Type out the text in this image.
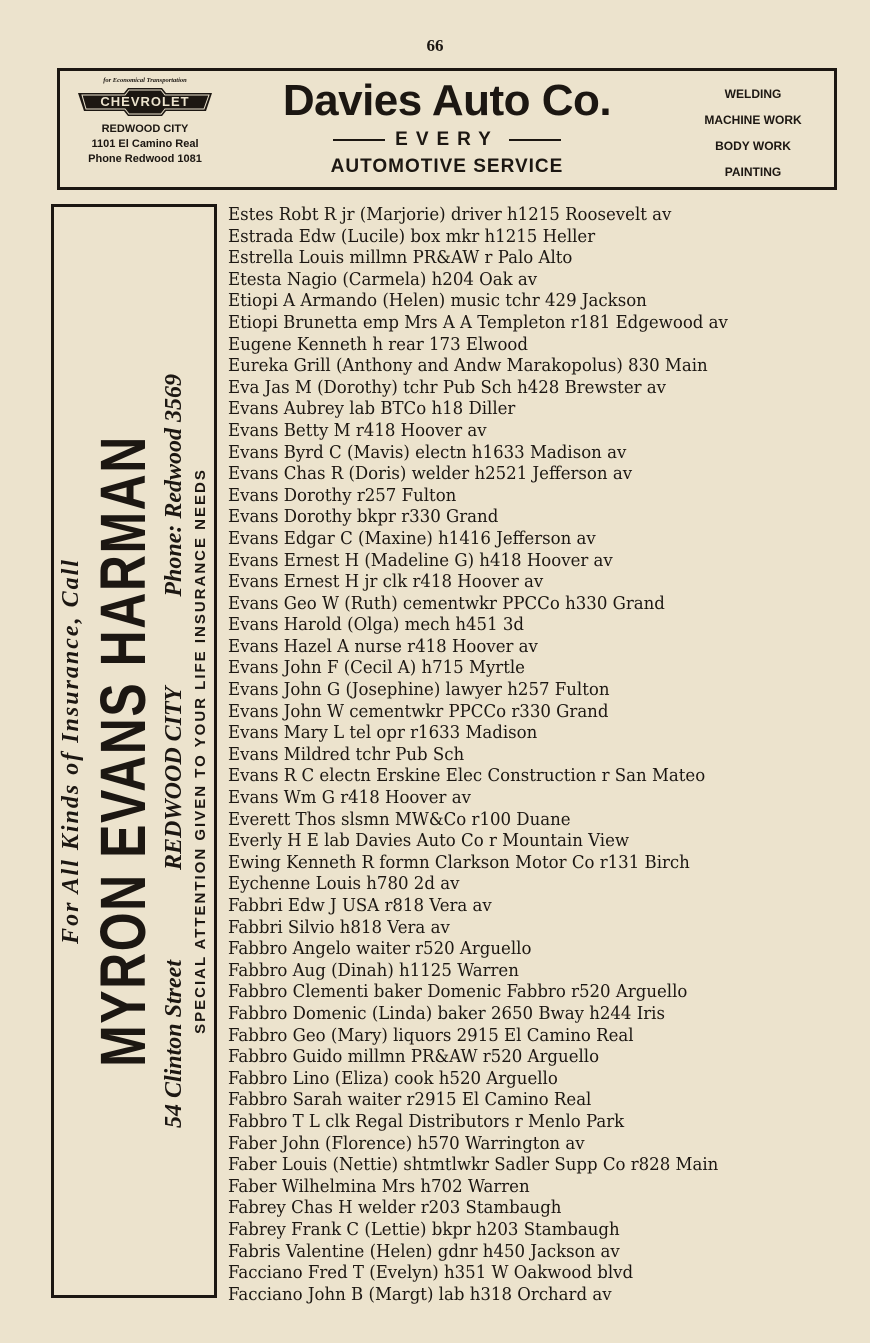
66
for Economical Transportation
CHEVROLET
REDWOOD CITY
1101 El Camino Real
Phone Redwood 1081
Davies Auto Co.
EVERY
AUTOMOTIVE SERVICE
WELDING
MACHINE WORK
BODY WORK
PAINTING
For All Kinds of Insurance, Call MYRON EVANS HARMAN 54 Clinton StreetREDWOOD CITYPhone: Redwood 3569 SPECIAL ATTENTION GIVEN TO YOUR LIFE INSURANCE NEEDS
Estes Robt R jr (Marjorie) driver h1215 Roosevelt av
Estrada Edw (Lucile) box mkr h1215 Heller
Estrella Louis millmn PR&AW r Palo Alto
Etesta Nagio (Carmela) h204 Oak av
Etiopi A Armando (Helen) music tchr 429 Jackson
Etiopi Brunetta emp Mrs A A Templeton r181 Edgewood av
Eugene Kenneth h rear 173 Elwood
Eureka Grill (Anthony and Andw Marakopolus) 830 Main
Eva Jas M (Dorothy) tchr Pub Sch h428 Brewster av
Evans Aubrey lab BTCo h18 Diller
Evans Betty M r418 Hoover av
Evans Byrd C (Mavis) electn h1633 Madison av
Evans Chas R (Doris) welder h2521 Jefferson av
Evans Dorothy r257 Fulton
Evans Dorothy bkpr r330 Grand
Evans Edgar C (Maxine) h1416 Jefferson av
Evans Ernest H (Madeline G) h418 Hoover av
Evans Ernest H jr clk r418 Hoover av
Evans Geo W (Ruth) cementwkr PPCCo h330 Grand
Evans Harold (Olga) mech h451 3d
Evans Hazel A nurse r418 Hoover av
Evans John F (Cecil A) h715 Myrtle
Evans John G (Josephine) lawyer h257 Fulton
Evans John W cementwkr PPCCo r330 Grand
Evans Mary L tel opr r1633 Madison
Evans Mildred tchr Pub Sch
Evans R C electn Erskine Elec Construction r San Mateo
Evans Wm G r418 Hoover av
Everett Thos slsmn MW&Co r100 Duane
Everly H E lab Davies Auto Co r Mountain View
Ewing Kenneth R formn Clarkson Motor Co r131 Birch
Eychenne Louis h780 2d av
Fabbri Edw J USA r818 Vera av
Fabbri Silvio h818 Vera av
Fabbro Angelo waiter r520 Arguello
Fabbro Aug (Dinah) h1125 Warren
Fabbro Clementi baker Domenic Fabbro r520 Arguello
Fabbro Domenic (Linda) baker 2650 Bway h244 Iris
Fabbro Geo (Mary) liquors 2915 El Camino Real
Fabbro Guido millmn PR&AW r520 Arguello
Fabbro Lino (Eliza) cook h520 Arguello
Fabbro Sarah waiter r2915 El Camino Real
Fabbro T L clk Regal Distributors r Menlo Park
Faber John (Florence) h570 Warrington av
Faber Louis (Nettie) shtmtlwkr Sadler Supp Co r828 Main
Faber Wilhelmina Mrs h702 Warren
Fabrey Chas H welder r203 Stambaugh
Fabrey Frank C (Lettie) bkpr h203 Stambaugh
Fabris Valentine (Helen) gdnr h450 Jackson av
Facciano Fred T (Evelyn) h351 W Oakwood blvd
Facciano John B (Margt) lab h318 Orchard av
